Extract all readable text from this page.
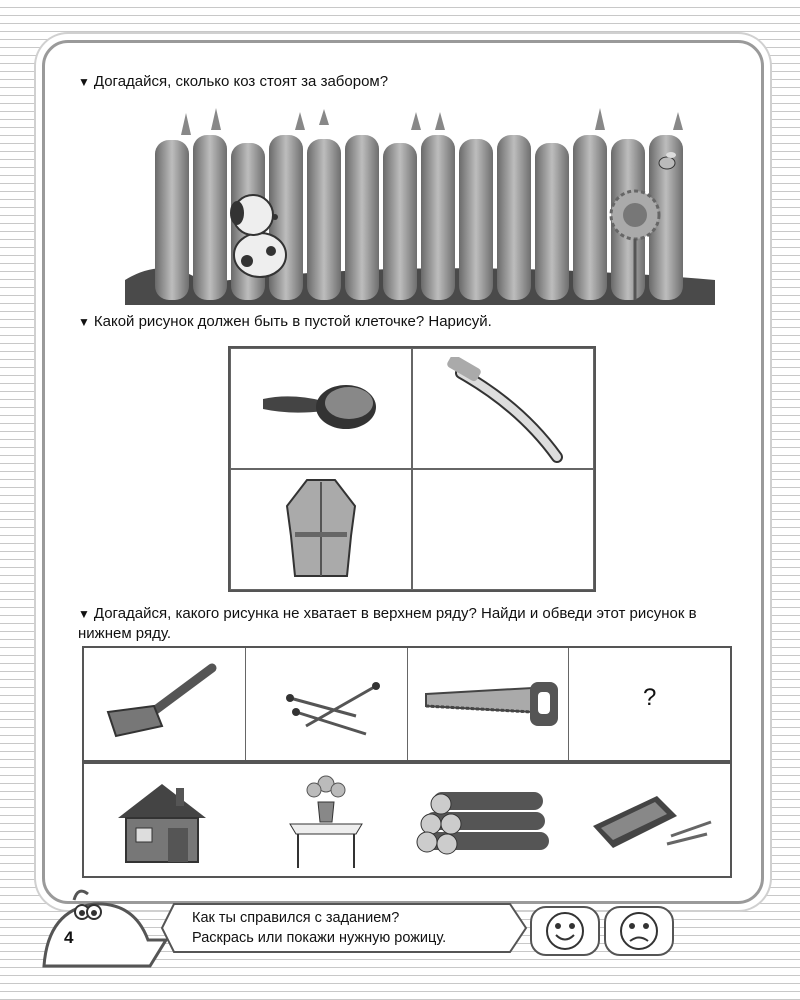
▼ Догадайся, сколько коз стоят за забором?
▼ Какой рисунок должен быть в пустой клеточке? Нарисуй.
▼ Догадайся, какого рисунка не хватает в верхнем ряду? Найди и обведи этот рисунок в нижнем ряду.
?
4
Как ты справился с заданием?
Раскрась или покажи нужную рожицу.
